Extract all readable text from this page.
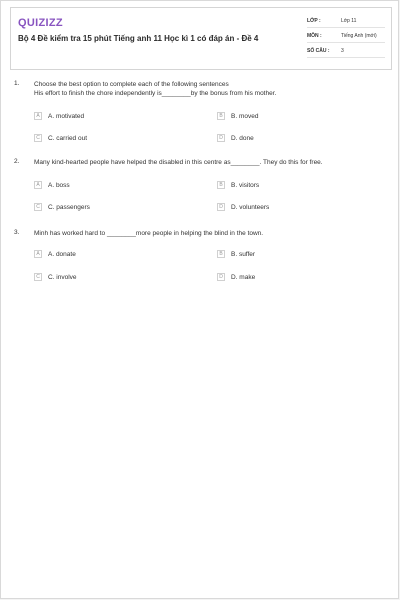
QUIZIZZ
Bộ 4 Đề kiểm tra 15 phút Tiếng anh 11 Học kì 1 có đáp án - Đề 4
LỚP :	Lớp 11
MÔN :	Tiếng Anh (mới)
SỐ CÂU : 3
1. Choose the best option to complete each of the following sentences
His effort to finish the chore independently is________by the bonus from his mother.
A	A. motivated	B	B. moved
C	C. carried out	D	D. done
2. Many kind-hearted people have helped the disabled in this centre as________. They do this for free.
A	A. boss	B	B. visitors
C	C. passengers	D	D. volunteers
3. Minh has worked hard to ________more people in helping the blind in the town.
A	A. donate	B	B. suffer
C	C. involve	D	D. make
